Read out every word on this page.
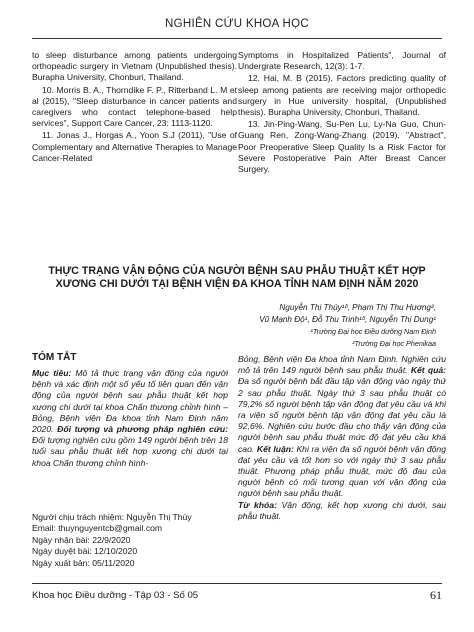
NGHIÊN CỨU KHOA HỌC

to sleep disturbance among patients undergoing orthopeadic surgery in Vietnam (Unpublished thesis). Burapha University, Chonburi, Thailand.

10. Morris B. A., Thorndike F. P., Ritterband L. M et al (2015), "Sleep disturbance in cancer patients and caregivers who contact telephone-based help services", Support Care Cancer, 23: 1113-1120.

11. Jonas J., Horgas A., Yoon S.J (2011), "Use of Complementary and Alternative Therapies to Manage Cancer-Related

Symptoms in Hospitalized Patients", Journal of Undergrate Research, 12(3): 1-7.

12. Hai, M. B (2015), Factors predicting quality of sleep among patients are receiving major orthopedic surgery in Hue university hospital, (Unpublished thesis). Burapha University, Chonburi, Thailand.

13. Jin-Ping-Wang, Su-Pen Lu, Ly-Na Guo, Chun-Guang Ren, Zong-Wang-Zhang (2019), "Abstract", Poor Preoperative Sleep Quality Is a Risk Factor for Severe Postoperative Pain After Breast Cancer Surgery.

THỰC TRẠNG VẬN ĐỘNG CỦA NGƯỜI BỆNH SAU PHẪU THUẬT KẾT HỢP
XƯƠNG CHI DƯỚI TẠI BỆNH VIỆN ĐA KHOA TỈNH NAM ĐỊNH NĂM 2020
Nguyễn Thị Thúy¹ᵟ, Phạm Thị Thu Hương²,
Vũ Mạnh Độ¹, Đỗ Thu Trinh¹ᵟ, Nguyễn Thị Dung¹
¹Trường Đại học Điều dưỡng Nam Định
²Trường Đại học Phenikaa
TÓM TẮT
Mục tiêu: Mô tả thực trạng vận động của người bệnh và xác định một số yếu tố liên quan đến vận động của người bệnh sau phẫu thuật kết hợp xương chi dưới tại khoa Chấn thương chỉnh hình – Bỏng, Bệnh viện Đa khoa tỉnh Nam Định năm 2020. Đối tượng và phương pháp nghiên cứu: Đối tượng nghiên cứu gồm 149 người bệnh trên 18 tuổi sau phẫu thuật kết hợp xương chi dưới tại khoa Chấn thương chỉnh hình-
Bỏng, Bệnh viện Đa khoa tỉnh Nam Định. Nghiên cứu mô tả trên 149 người bệnh sau phẫu thuật. Kết quả: Đa số người bệnh bắt đầu tập vận động vào ngày thứ 2 sau phẫu thuật. Ngày thứ 3 sau phẫu thuật có 79,2% số người bệnh tập vận động đạt yêu cầu và khi ra viện số người bệnh tập vận động đạt yêu cầu là 92,6%. Nghiên cứu bước đầu cho thấy vận động của người bệnh sau phẫu thuật mức độ đạt yêu cầu khá cao. Kết luận: Khi ra viện đa số người bệnh vận động đạt yêu cầu và tốt hơn so với ngày thứ 3 sau phẫu thuật. Phương pháp phẫu thuật, mức độ đau của người bệnh có mối tương quan với vận động của người bệnh sau phẫu thuật.
Từ khóa: Vận động, kết hợp xương chi dưới, sau phẫu thuật.
Người chịu trách nhiệm: Nguyễn Thị Thúy
Email: thuynguyentcb@gmail.com
Ngày nhận bài: 22/9/2020
Ngày duyệt bài: 12/10/2020
Ngày xuất bản: 05/11/2020
Khoa học Điều dưỡng - Tập 03 - Số 05	61
